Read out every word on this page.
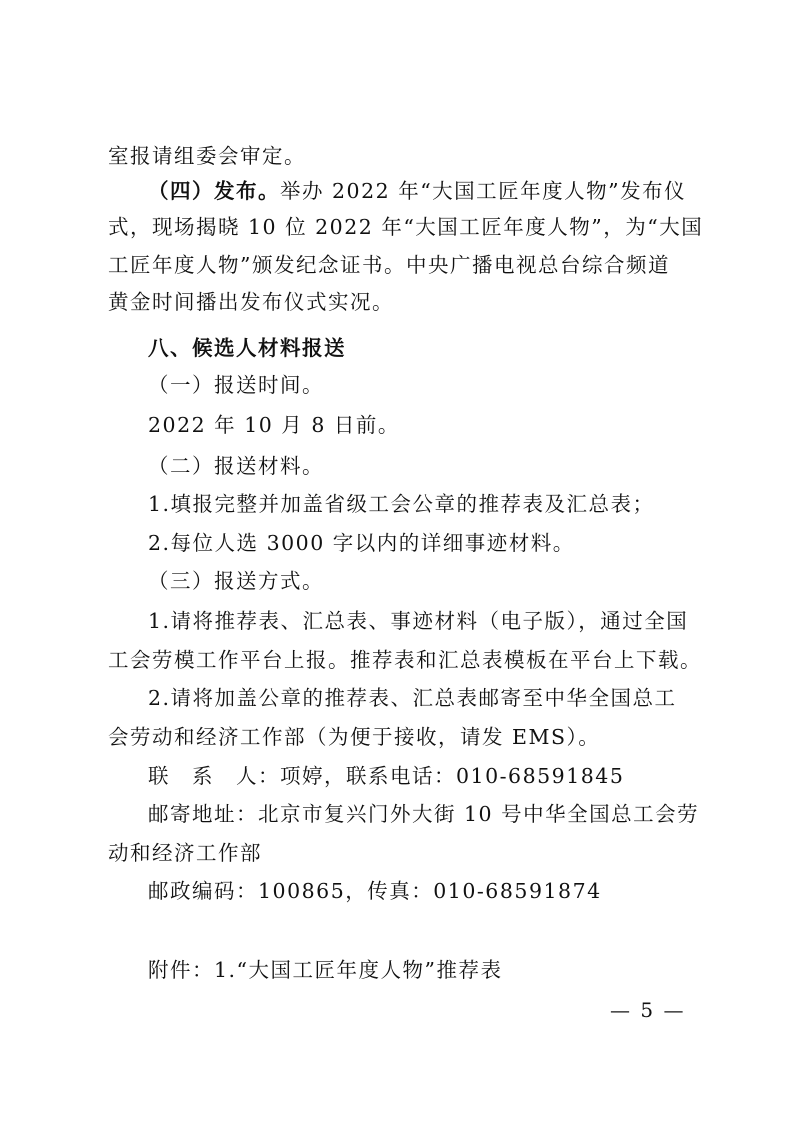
室报请组委会审定。
（四）发布。举办 2022 年“大国工匠年度人物”发布仪
式，现场揭晓 10 位 2022 年“大国工匠年度人物”，为“大国
工匠年度人物”颁发纪念证书。中央广播电视总台综合频道
黄金时间播出发布仪式实况。
八、候选人材料报送
（一）报送时间。
2022 年 10 月 8 日前。
（二）报送材料。
1.填报完整并加盖省级工会公章的推荐表及汇总表；
2.每位人选 3000 字以内的详细事迹材料。
（三）报送方式。
1.请将推荐表、汇总表、事迹材料（电子版），通过全国
工会劳模工作平台上报。推荐表和汇总表模板在平台上下载。
2.请将加盖公章的推荐表、汇总表邮寄至中华全国总工
会劳动和经济工作部（为便于接收，请发 EMS）。
联　系　人：项婷，联系电话：010-68591845
邮寄地址：北京市复兴门外大街 10 号中华全国总工会劳
动和经济工作部
邮政编码：100865，传真：010-68591874
附件：1.“大国工匠年度人物”推荐表
— 5 —
